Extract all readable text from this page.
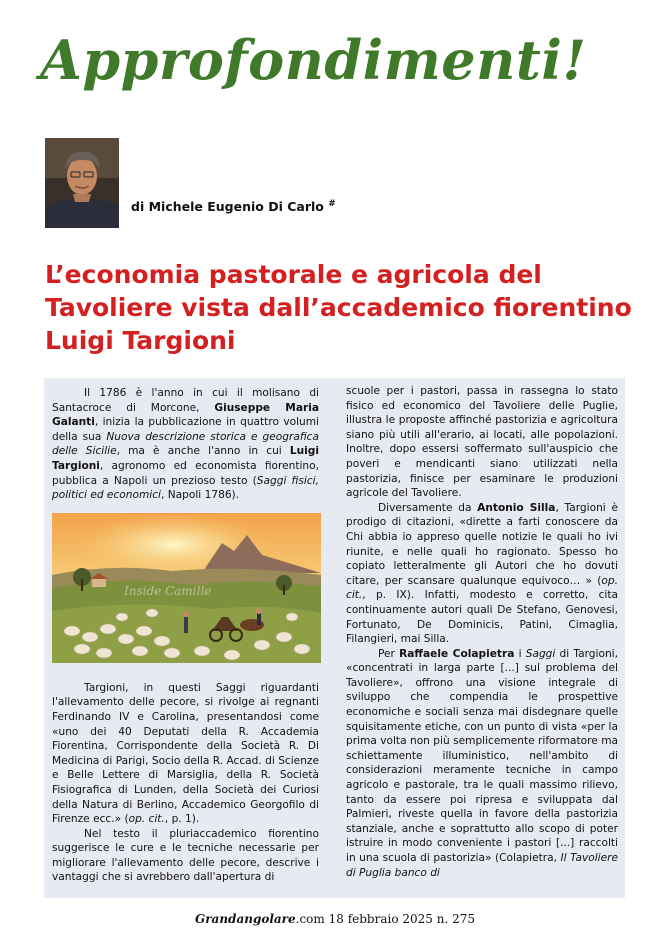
Approfondimenti!
di Michele Eugenio Di Carlo #
L’economia pastorale e agricola del Tavoliere vista dall’accademico fiorentino Luigi Targioni

Il 1786 è l'anno in cui il molisano di Santacroce di Morcone, Giuseppe Maria Galanti, inizia la pubblicazione in quattro volumi della sua Nuova descrizione storica e geografica delle Sicilie, ma è anche l'anno in cui Luigi Targioni, agronomo ed economista fiorentino, pubblica a Napoli un prezioso testo (Saggi fisici, politici ed economici, Napoli 1786).

Inside Camille

Targioni, in questi Saggi riguardanti l'allevamento delle pecore, si rivolge ai regnanti Ferdinando IV e Carolina, presentandosi come «uno dei 40 Deputati della R. Accademia Fiorentina, Corrispondente della Società R. Di Medicina di Parigi, Socio della R. Accad. di Scienze e Belle Lettere di Marsiglia, della R. Società Fisiografica di Lunden, della Società dei Curiosi della Natura di Berlino, Accademico Georgofilo di Firenze ecc.» (op. cit., p. 1).

Nel testo il pluriaccademico fiorentino suggerisce le cure e le tecniche necessarie per migliorare l'allevamento delle pecore, descrive i vantaggi che si avrebbero dall'apertura di

scuole per i pastori, passa in rassegna lo stato fisico ed economico del Tavoliere delle Puglie, illustra le proposte affinché pastorizia e agricoltura siano più utili all'erario, ai locati, alle popolazioni. Inoltre, dopo essersi soffermato sull'auspicio che poveri e mendicanti siano utilizzati nella pastorizia, finisce per esaminare le produzioni agricole del Tavoliere.

Diversamente da Antonio Silla, Targioni è prodigo di citazioni, «dirette a farti conoscere da Chi abbia io appreso quelle notizie le quali ho ivi riunite, e nelle quali ho ragionato. Spesso ho copiato letteralmente gli Autori che ho dovuti citare, per scansare qualunque equivoco… » (op. cit., p. IX). Infatti, modesto e corretto, cita continuamente autori quali De Stefano, Genovesi, Fortunato, De Dominicis, Patini, Cimaglia, Filangieri, mai Silla.

Per Raffaele Colapietra i Saggi di Targioni, «concentrati in larga parte [...] sul problema del Tavoliere», offrono una visione integrale di sviluppo che compendia le prospettive economiche e sociali senza mai disdegnare quelle squisitamente etiche, con un punto di vista «per la prima volta non più semplicemente riformatore ma schiettamente illuministico, nell'ambito di considerazioni meramente tecniche in campo agricolo e pastorale, tra le quali massimo rilievo, tanto da essere poi ripresa e sviluppata dal Palmieri, riveste quella in favore della pastorizia stanziale, anche e soprattutto allo scopo di poter istruire in modo conveniente i pastori [...] raccolti in una scuola di pastorizia» (Colapietra, Il Tavoliere di Puglia banco di

Grandangolare.com 18 febbraio 2025 n. 275
